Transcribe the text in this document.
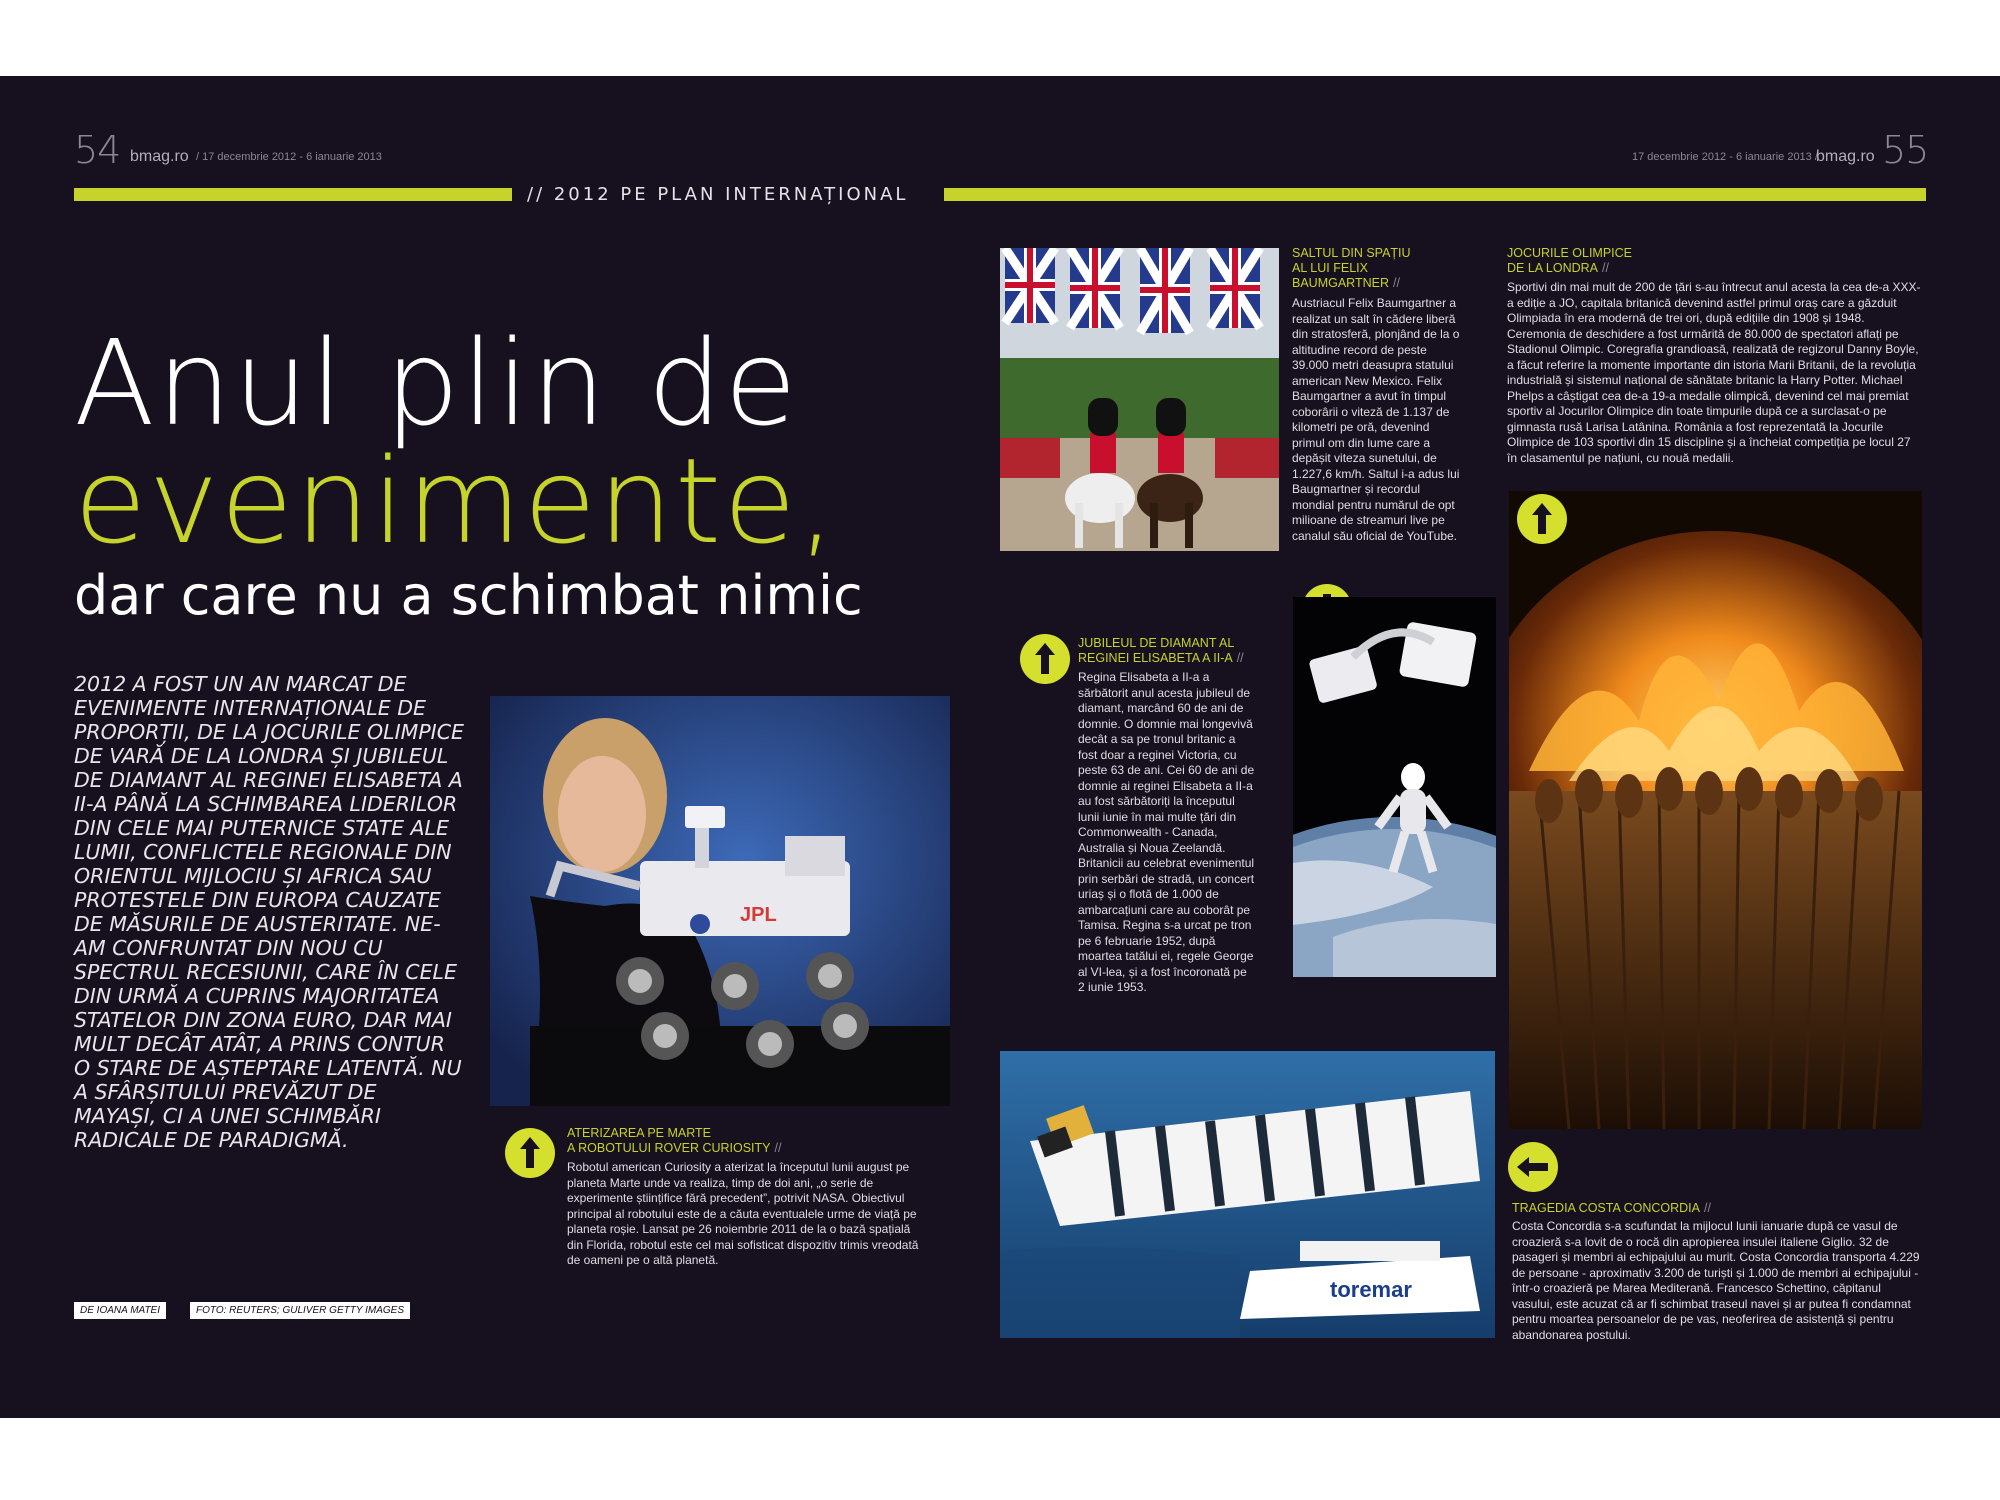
54 bmag.ro / 17 decembrie 2012 - 6 ianuarie 2013	17 decembrie 2012 - 6 ianuarie 2013 /
bmag.ro 55
// 2012 PE PLAN INTERNAȚIONAL
Anul plin de
evenimente,
dar care nu a schimbat nimic
2012 A FOST UN AN MARCAT DE EVENIMENTE INTERNAȚIONALE DE PROPORȚII, DE LA JOCURILE OLIMPICE DE VARĂ DE LA LONDRA ȘI JUBILEUL DE DIAMANT AL REGINEI ELISABETA A II-A PÂNĂ LA SCHIMBAREA LIDERILOR DIN CELE MAI PUTERNICE STATE ALE LUMII, CONFLICTELE REGIONALE DIN ORIENTUL MIJLOCIU ȘI AFRICA SAU PROTESTELE DIN EUROPA CAUZATE DE MĂSURILE DE AUSTERITATE. NE-AM CONFRUNTAT DIN NOU CU SPECTRUL RECESIUNII, CARE ÎN CELE DIN URMĂ A CUPRINS MAJORITATEA STATELOR DIN ZONA EURO, DAR MAI MULT DECÂT ATÂT, A PRINS CONTUR O STARE DE AȘTEPTARE LATENTĂ. NU A SFÂRȘITULUI PREVĂZUT DE MAYAȘI, CI A UNEI SCHIMBĂRI RADICALE DE PARADIGMĂ.
DE IOANA MATEI	FOTO: REUTERS; GULIVER GETTY IMAGES
JPL
ATERIZAREA PE MARTE
A ROBOTULUI ROVER CURIOSITY //
Robotul american Curiosity a aterizat la începutul lunii august pe planeta Marte unde va realiza, timp de doi ani, „o serie de experimente științifice fără precedent”, potrivit NASA. Obiectivul principal al robotului este de a căuta eventualele urme de viață pe planeta roșie. Lansat pe 26 noiembrie 2011 de la o bază spațială din Florida, robotul este cel mai sofisticat dispozitiv trimis vreodată de oameni pe o altă planetă.
SALTUL DIN SPAȚIU
AL LUI FELIX
BAUMGARTNER //
Austriacul Felix Baumgartner a realizat un salt în cădere liberă din stratosferă, plonjând de la o altitudine record de peste 39.000 metri deasupra statului american New Mexico. Felix Baumgartner a avut în timpul coborârii o viteză de 1.137 de kilometri pe oră, devenind primul om din lume care a depășit viteza sunetului, de 1.227,6 km/h. Saltul i-a adus lui Baugmartner și recordul mondial pentru numărul de opt milioane de streamuri live pe canalul său oficial de YouTube.
JUBILEUL DE DIAMANT AL
REGINEI ELISABETA A II-A //
Regina Elisabeta a II-a a sărbătorit anul acesta jubileul de diamant, marcând 60 de ani de domnie. O domnie mai longevivă decât a sa pe tronul britanic a fost doar a reginei Victoria, cu peste 63 de ani. Cei 60 de ani de domnie ai reginei Elisabeta a II-a au fost sărbătoriți la începutul lunii iunie în mai multe țări din Commonwealth - Canada, Australia și Noua Zeelandă. Britanicii au celebrat evenimentul prin serbări de stradă, un concert uriaș și o flotă de 1.000 de ambarcațiuni care au coborât pe Tamisa. Regina s-a urcat pe tron pe 6 februarie 1952, după moartea tatălui ei, regele George al VI-lea, și a fost încoronată pe 2 iunie 1953.
JOCURILE OLIMPICE
DE LA LONDRA //
Sportivi din mai mult de 200 de țări s-au întrecut anul acesta la cea de-a XXX-a ediție a JO, capitala britanică devenind astfel primul oraș care a găzduit Olimpiada în era modernă de trei ori, după edițiile din 1908 și 1948. Ceremonia de deschidere a fost urmărită de 80.000 de spectatori aflați pe Stadionul Olimpic. Coregrafia grandioasă, realizată de regizorul Danny Boyle, a făcut referire la momente importante din istoria Marii Britanii, de la revoluția industrială și sistemul național de sănătate britanic la Harry Potter. Michael Phelps a câștigat cea de-a 19-a medalie olimpică, devenind cel mai premiat sportiv al Jocurilor Olimpice din toate timpurile după ce a surclasat-o pe gimnasta rusă Larisa Latânina. România a fost reprezentată la Jocurile Olimpice de 103 sportivi din 15 discipline și a încheiat competiția pe locul 27 în clasamentul pe națiuni, cu nouă medalii.
toremar
TRAGEDIA COSTA CONCORDIA //
Costa Concordia s-a scufundat la mijlocul lunii ianuarie după ce vasul de croazieră s-a lovit de o rocă din apropierea insulei italiene Giglio. 32 de pasageri și membri ai echipajului au murit. Costa Concordia transporta 4.229 de persoane - aproximativ 3.200 de turiști și 1.000 de membri ai echipajului - într-o croazieră pe Marea Mediterană. Francesco Schettino, căpitanul vasului, este acuzat că ar fi schimbat traseul navei și ar putea fi condamnat pentru moartea persoanelor de pe vas, neoferirea de asistență și pentru abandonarea postului.
